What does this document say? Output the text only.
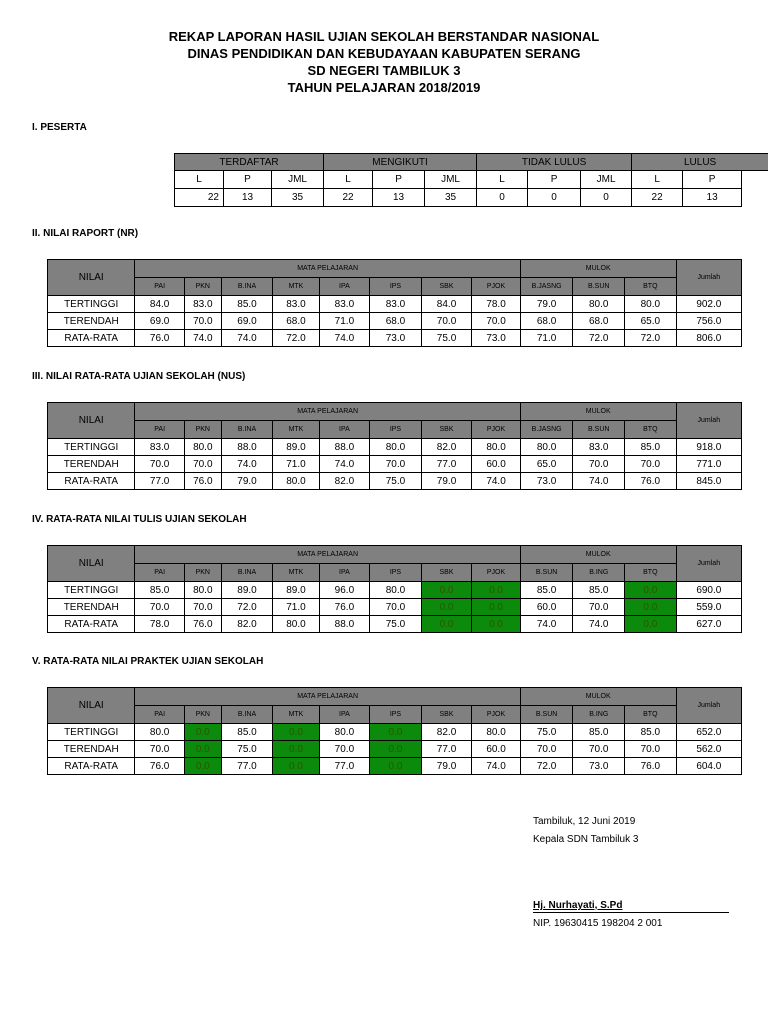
REKAP LAPORAN HASIL UJIAN SEKOLAH BERSTANDAR NASIONAL
DINAS PENDIDIKAN DAN KEBUDAYAAN KABUPATEN SERANG
SD NEGERI TAMBILUK 3
TAHUN PELAJARAN 2018/2019
I. PESERTA
TERDAFTAR			MENGIKUTI			TIDAK LULUS			LULUS		
L	P	JML	L	P	JML	L	P	JML	L	P	
22	13	35	22	13	35	0	0	0	22	13	
II. NILAI RAPORT (NR)
NILAI	MATA PELAJARAN								MULOK			Jumlah
	PAI	PKN	B.INA	MTK	IPA	IPS	SBK	PJOK	B.JASNG	B.SUN	BTQ	
TERTINGGI	84.0	83.0	85.0	83.0	83.0	83.0	84.0	78.0	79.0	80.0	80.0	902.0
TERENDAH	69.0	70.0	69.0	68.0	71.0	68.0	70.0	70.0	68.0	68.0	65.0	756.0
RATA-RATA	76.0	74.0	74.0	72.0	74.0	73.0	75.0	73.0	71.0	72.0	72.0	806.0
III. NILAI RATA-RATA UJIAN SEKOLAH (NUS)
NILAI	MATA PELAJARAN								MULOK			Jumlah
	PAI	PKN	B.INA	MTK	IPA	IPS	SBK	PJOK	B.JASNG	B.SUN	BTQ	
TERTINGGI	83.0	80.0	88.0	89.0	88.0	80.0	82.0	80.0	80.0	83.0	85.0	918.0
TERENDAH	70.0	70.0	74.0	71.0	74.0	70.0	77.0	60.0	65.0	70.0	70.0	771.0
RATA-RATA	77.0	76.0	79.0	80.0	82.0	75.0	79.0	74.0	73.0	74.0	76.0	845.0
IV. RATA-RATA NILAI TULIS UJIAN SEKOLAH
NILAI	MATA PELAJARAN								MULOK			Jumlah
	PAI	PKN	B.INA	MTK	IPA	IPS	SBK	PJOK	B.SUN	B.ING	BTQ	
TERTINGGI	85.0	80.0	89.0	89.0	96.0	80.0	0.0	0.0	85.0	85.0	0.0	690.0
TERENDAH	70.0	70.0	72.0	71.0	76.0	70.0	0.0	0.0	60.0	70.0	0.0	559.0
RATA-RATA	78.0	76.0	82.0	80.0	88.0	75.0	0.0	0.0	74.0	74.0	0.0	627.0
V. RATA-RATA NILAI PRAKTEK UJIAN SEKOLAH
NILAI	MATA PELAJARAN								MULOK			Jumlah
	PAI	PKN	B.INA	MTK	IPA	IPS	SBK	PJOK	B.SUN	B.ING	BTQ	
TERTINGGI	80.0	0.0	85.0	0.0	80.0	0.0	82.0	80.0	75.0	85.0	85.0	652.0
TERENDAH	70.0	0.0	75.0	0.0	70.0	0.0	77.0	60.0	70.0	70.0	70.0	562.0
RATA-RATA	76.0	0.0	77.0	0.0	77.0	0.0	79.0	74.0	72.0	73.0	76.0	604.0
Tambiluk, 12 Juni 2019
Kepala SDN Tambiluk 3
Hj. Nurhayati, S.Pd
NIP. 19630415 198204 2 001
